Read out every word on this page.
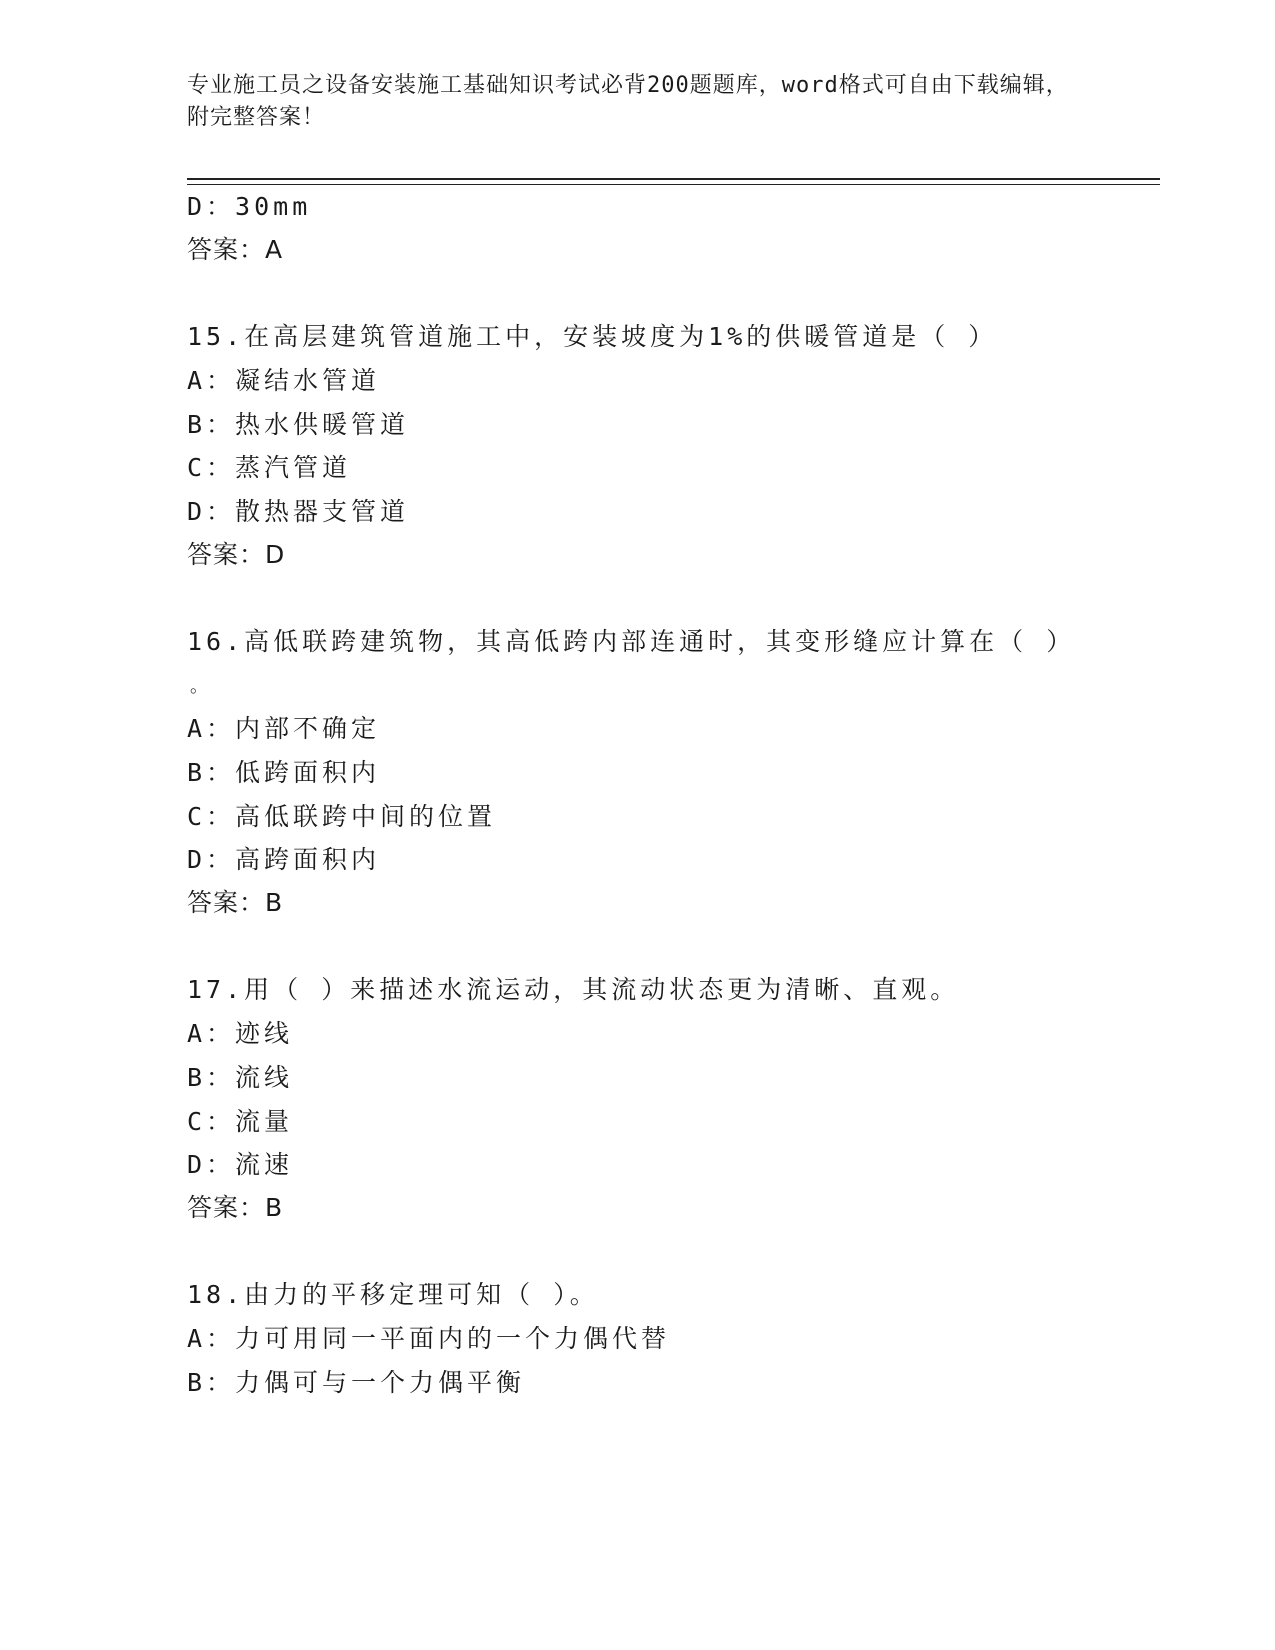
专业施工员之设备安装施工基础知识考试必背200题题库，word格式可自由下载编辑，附完整答案！
D：30mm
答案：A
15.在高层建筑管道施工中，安装坡度为1%的供暖管道是（ ）
A：凝结水管道
B：热水供暖管道
C：蒸汽管道
D：散热器支管道
答案：D
16.高低联跨建筑物，其高低跨内部连通时，其变形缝应计算在（ ）
。
A：内部不确定
B：低跨面积内
C：高低联跨中间的位置
D：高跨面积内
答案：B
17.用（ ）来描述水流运动，其流动状态更为清晰、直观。
A：迹线
B：流线
C：流量
D：流速
答案：B
18.由力的平移定理可知（ ）。
A：力可用同一平面内的一个力偶代替
B：力偶可与一个力偶平衡
